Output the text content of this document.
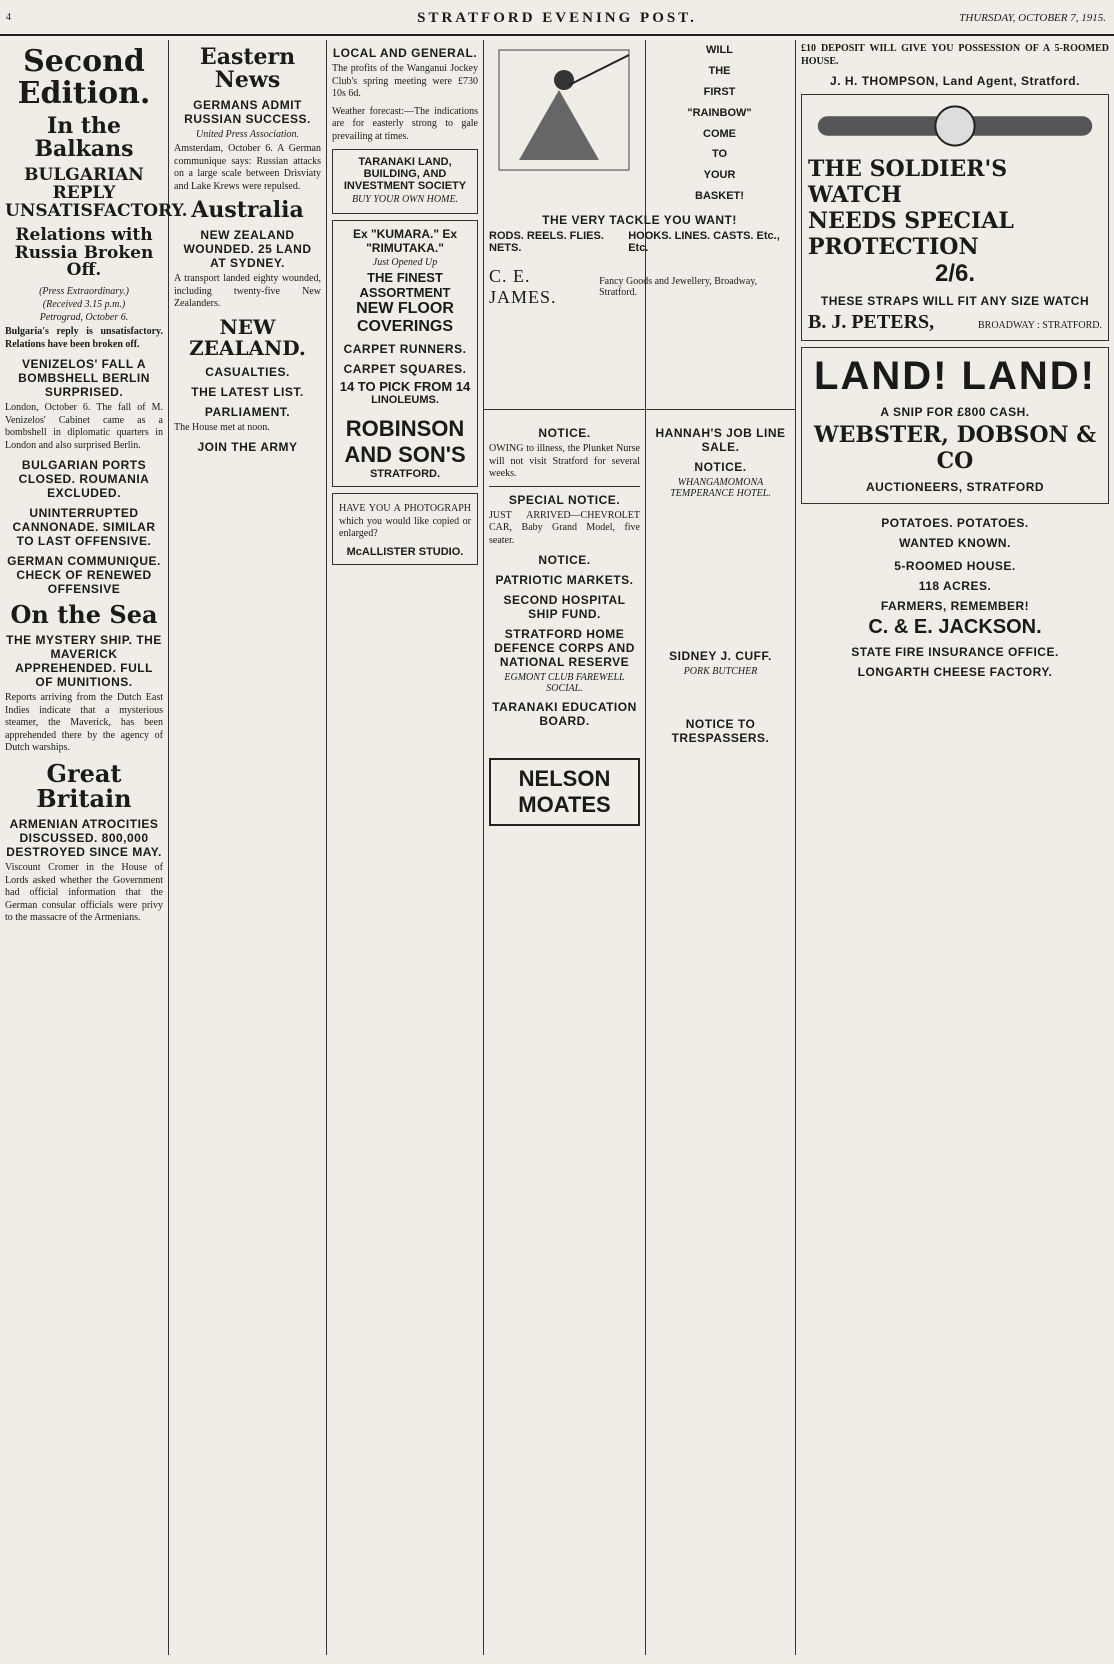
4	STRATFORD EVENING POST.	THURSDAY, OCTOBER 7, 1915.
Second Edition.
In the Balkans
BULGARIAN REPLY UNSATISFACTORY.
Relations with Russia Broken Off.
(Press Extraordinary.)
(Received 3.15 p.m.)
Petrograd, October 6.
Bulgaria's reply is unsatisfactory. Relations have been broken off.
VENIZELOS' FALL A BOMBSHELL BERLIN SURPRISED.
London, October 6. The fall of M. Venizelos' Cabinet came as a bombshell in diplomatic quarters in London and also surprised Berlin.
BULGARIAN PORTS CLOSED. ROUMANIA EXCLUDED.
UNINTERRUPTED CANNONADE. SIMILAR TO LAST OFFENSIVE.
GERMAN COMMUNIQUE. CHECK OF RENEWED OFFENSIVE
On the Sea
THE MYSTERY SHIP. THE MAVERICK APPREHENDED. FULL OF MUNITIONS.
Reports arriving from the Dutch East Indies indicate that a mysterious steamer, the Maverick, has been apprehended there by the agency of Dutch warships.
Great Britain
ARMENIAN ATROCITIES DISCUSSED. 800,000 DESTROYED SINCE MAY.
Viscount Cromer in the House of Lords asked whether the Government had official information that the German consular officials were privy to the massacre of the Armenians.
Eastern News
GERMANS ADMIT RUSSIAN SUCCESS.
United Press Association.
Amsterdam, October 6. A German communique says: Russian attacks on a large scale between Drisviaty and Lake Krews were repulsed.
Australia
NEW ZEALAND WOUNDED. 25 LAND AT SYDNEY.
A transport landed eighty wounded, including twenty-five New Zealanders.
NEW ZEALAND.
CASUALTIES.
THE LATEST LIST.
PARLIAMENT.
The House met at noon.
JOIN THE ARMY
LOCAL AND GENERAL.
The profits of the Wanganui Jockey Club's spring meeting were £730 10s 6d.
Weather forecast:—The indications are for easterly strong to gale prevailing at times.
TARANAKI LAND, BUILDING, AND INVESTMENT SOCIETY
BUY YOUR OWN HOME.
Ex "KUMARA." Ex "RIMUTAKA."
Just Opened Up
THE FINEST ASSORTMENT
NEW FLOOR COVERINGS
CARPET RUNNERS.
CARPET SQUARES.
14 TO PICK FROM 14
LINOLEUMS.
ROBINSON AND SON'S
STRATFORD.
HAVE YOU A PHOTOGRAPH which you would like copied or enlarged?
McALLISTER STUDIO.
WILL
THE
FIRST
"RAINBOW"
COME
TO
YOUR
BASKET!
THE VERY TACKLE YOU WANT!
RODS. REELS. FLIES. NETS.
HOOKS. LINES. CASTS. Etc., Etc.
C. E. JAMES.
Fancy Goods and Jewellery, Broadway, Stratford.
NOTICE.
OWING to illness, the Plunket Nurse will not visit Stratford for several weeks.
SPECIAL NOTICE.
JUST ARRIVED—CHEVROLET CAR, Baby Grand Model, five seater.
NOTICE.
PATRIOTIC MARKETS.
SECOND HOSPITAL SHIP FUND.
STRATFORD HOME DEFENCE CORPS AND NATIONAL RESERVE
EGMONT CLUB FAREWELL SOCIAL.
TARANAKI EDUCATION BOARD.
NELSON MOATES
HANNAH'S JOB LINE SALE.
NOTICE.
WHANGAMOMONA TEMPERANCE HOTEL.
SIDNEY J. CUFF.
PORK BUTCHER
NOTICE TO TRESPASSERS.
£10 DEPOSIT WILL GIVE YOU POSSESSION OF A 5-ROOMED HOUSE.
J. H. THOMPSON, Land Agent, Stratford.
THE SOLDIER'S WATCH
NEEDS SPECIAL
PROTECTION
2/6.
THESE STRAPS WILL FIT ANY SIZE WATCH
B. J. PETERS,	BROADWAY : STRATFORD.
LAND! LAND!
A SNIP FOR £800 CASH.
WEBSTER, DOBSON & CO
AUCTIONEERS, STRATFORD
POTATOES. POTATOES.
WANTED KNOWN.
5-ROOMED HOUSE.
118 ACRES.
FARMERS, REMEMBER!
C. & E. JACKSON.
STATE FIRE INSURANCE OFFICE.
LONGARTH CHEESE FACTORY.
